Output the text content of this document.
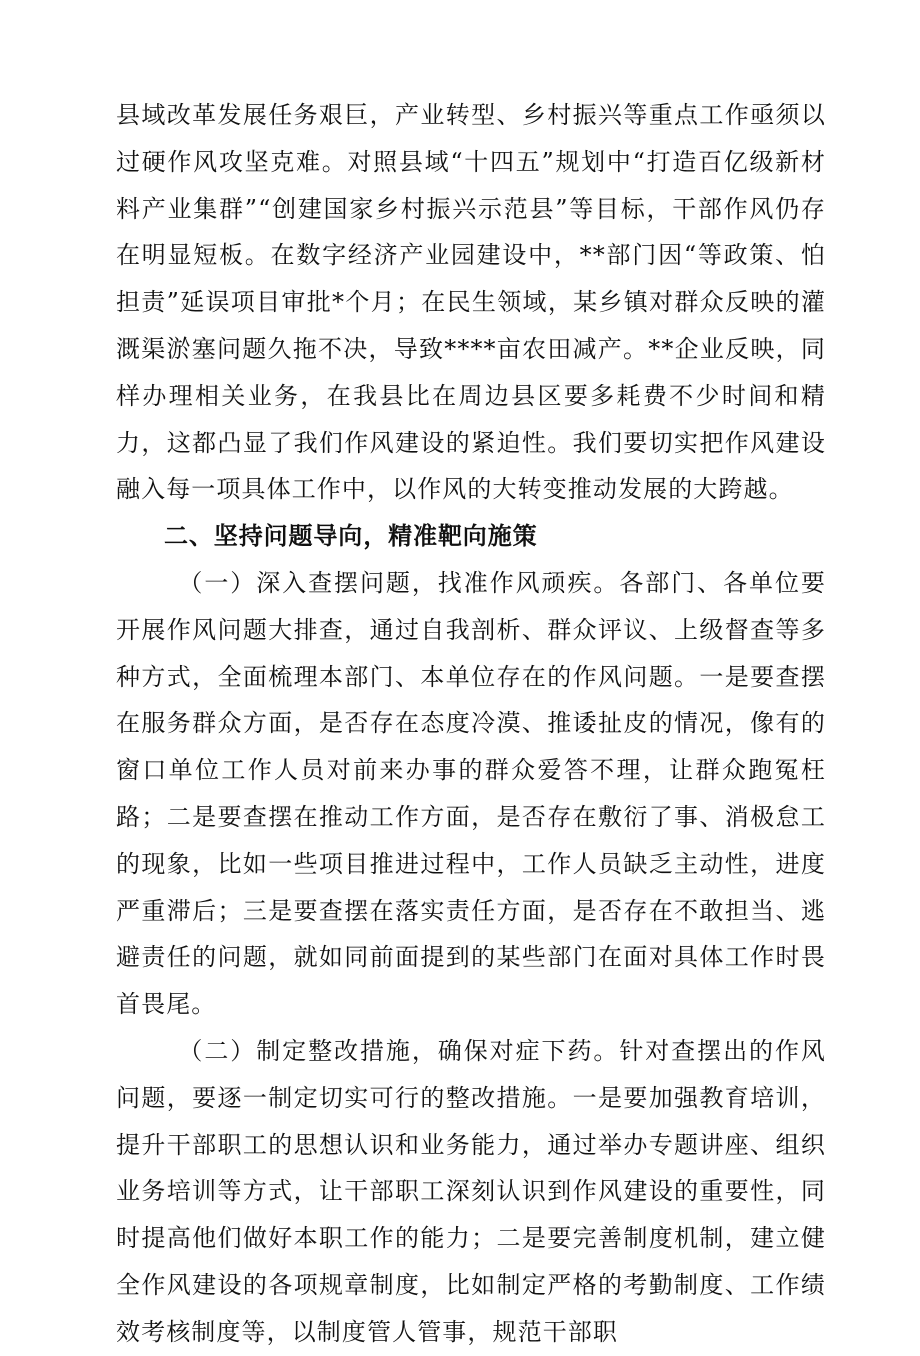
县域改革发展任务艰巨，产业转型、乡村振兴等重点工作亟须以过硬作风攻坚克难。对照县域“十四五”规划中“打造百亿级新材料产业集群”“创建国家乡村振兴示范县”等目标，干部作风仍存在明显短板。在数字经济产业园建设中，**部门因“等政策、怕担责”延误项目审批*个月；在民生领域，某乡镇对群众反映的灌溉渠淤塞问题久拖不决，导致****亩农田减产。**企业反映，同样办理相关业务，在我县比在周边县区要多耗费不少时间和精力，这都凸显了我们作风建设的紧迫性。我们要切实把作风建设融入每一项具体工作中，以作风的大转变推动发展的大跨越。

二、坚持问题导向，精准靶向施策

（一）深入查摆问题，找准作风顽疾。各部门、各单位要开展作风问题大排查，通过自我剖析、群众评议、上级督查等多种方式，全面梳理本部门、本单位存在的作风问题。一是要查摆在服务群众方面，是否存在态度冷漠、推诿扯皮的情况，像有的窗口单位工作人员对前来办事的群众爱答不理，让群众跑冤枉路；二是要查摆在推动工作方面，是否存在敷衍了事、消极怠工的现象，比如一些项目推进过程中，工作人员缺乏主动性，进度严重滞后；三是要查摆在落实责任方面，是否存在不敢担当、逃避责任的问题，就如同前面提到的某些部门在面对具体工作时畏首畏尾。

（二）制定整改措施，确保对症下药。针对查摆出的作风问题，要逐一制定切实可行的整改措施。一是要加强教育培训，提升干部职工的思想认识和业务能力，通过举办专题讲座、组织业务培训等方式，让干部职工深刻认识到作风建设的重要性，同时提高他们做好本职工作的能力；二是要完善制度机制，建立健全作风建设的各项规章制度，比如制定严格的考勤制度、工作绩效考核制度等，以制度管人管事，规范干部职
